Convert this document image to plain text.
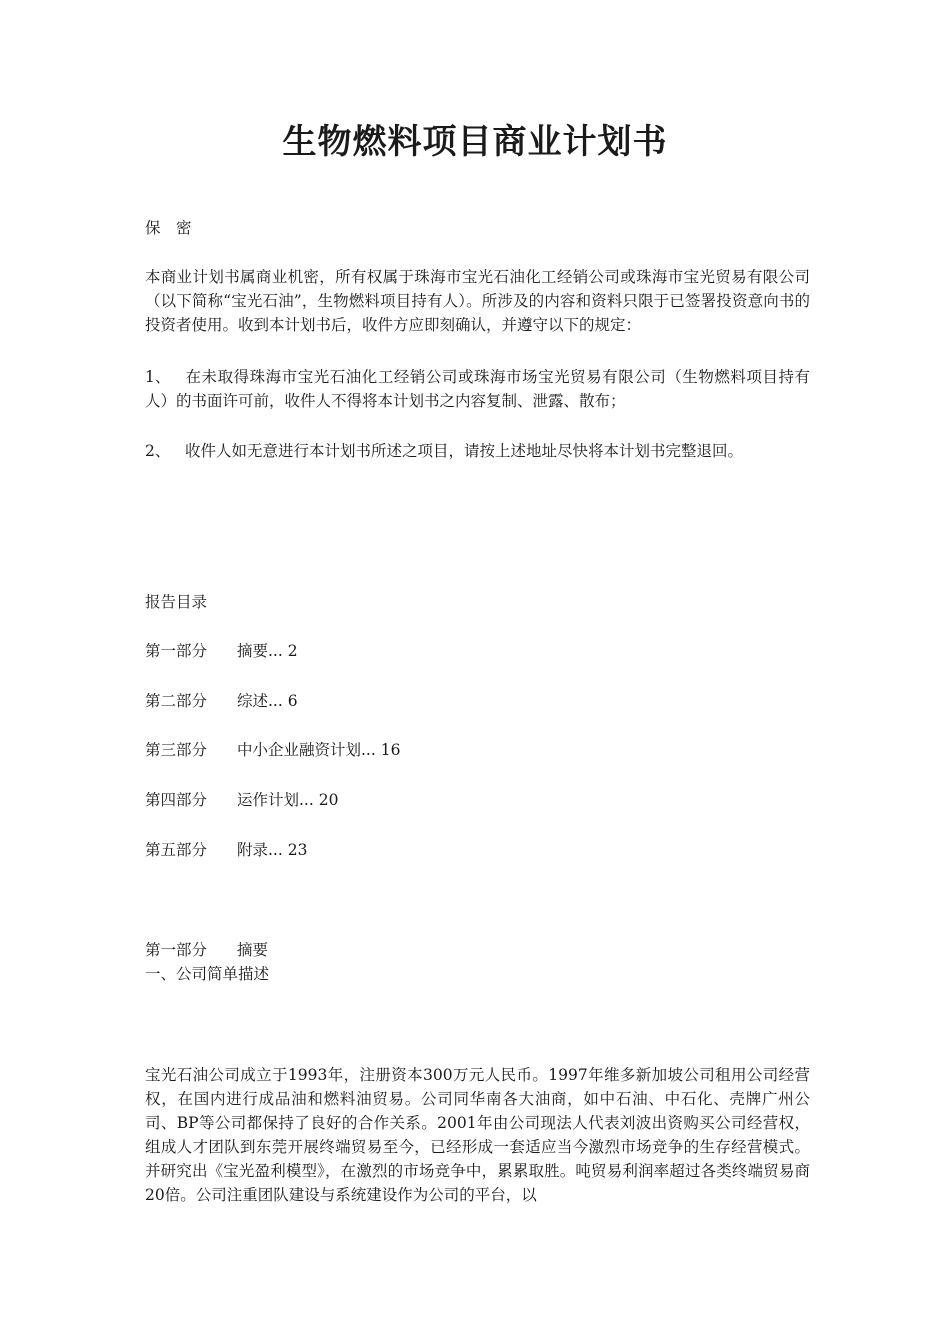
生物燃料项目商业计划书
保　密
本商业计划书属商业机密，所有权属于珠海市宝光石油化工经销公司或珠海市宝光贸易有限公司（以下简称“宝光石油”，生物燃料项目持有人）。所涉及的内容和资料只限于已签署投资意向书的投资者使用。收到本计划书后，收件方应即刻确认，并遵守以下的规定：
1、 在未取得珠海市宝光石油化工经销公司或珠海市场宝光贸易有限公司（生物燃料项目持有人）的书面许可前，收件人不得将本计划书之内容复制、泄露、散布；
2、 收件人如无意进行本计划书所述之项目，请按上述地址尽快将本计划书完整退回。
报告目录
第一部分 摘要... 2
第二部分 综述... 6
第三部分 中小企业融资计划... 16
第四部分 运作计划... 20
第五部分 附录... 23
第一部分 摘要
一、公司简单描述
宝光石油公司成立于1993年，注册资本300万元人民币。1997年维多新加坡公司租用公司经营权，在国内进行成品油和燃料油贸易。公司同华南各大油商，如中石油、中石化、壳牌广州公司、BP等公司都保持了良好的合作关系。2001年由公司现法人代表刘波出资购买公司经营权，组成人才团队到东莞开展终端贸易至今，已经形成一套适应当今激烈市场竞争的生存经营模式。并研究出《宝光盈利模型》，在激烈的市场竞争中，累累取胜。吨贸易利润率超过各类终端贸易商20倍。公司注重团队建设与系统建设作为公司的平台，以
